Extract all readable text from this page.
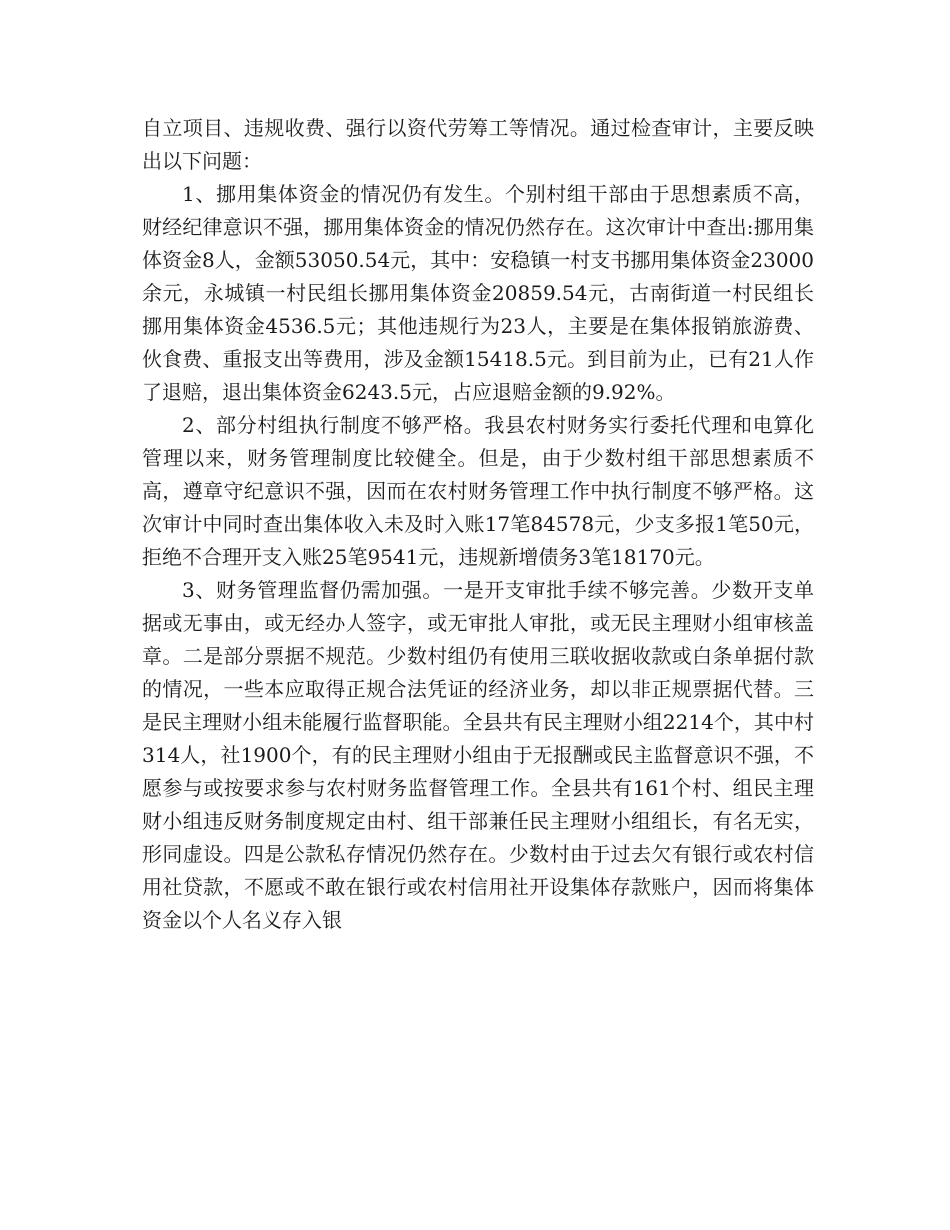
自立项目、违规收费、强行以资代劳筹工等情况。通过检查审计，主要反映出以下问题：

1、挪用集体资金的情况仍有发生。个别村组干部由于思想素质不高，财经纪律意识不强，挪用集体资金的情况仍然存在。这次审计中查出:挪用集体资金8人，金额53050.54元，其中：安稳镇一村支书挪用集体资金23000余元，永城镇一村民组长挪用集体资金20859.54元，古南街道一村民组长挪用集体资金4536.5元；其他违规行为23人，主要是在集体报销旅游费、伙食费、重报支出等费用，涉及金额15418.5元。到目前为止，已有21人作了退赔，退出集体资金6243.5元，占应退赔金额的9.92%。

2、部分村组执行制度不够严格。我县农村财务实行委托代理和电算化管理以来，财务管理制度比较健全。但是，由于少数村组干部思想素质不高，遵章守纪意识不强，因而在农村财务管理工作中执行制度不够严格。这次审计中同时查出集体收入未及时入账17笔84578元，少支多报1笔50元，拒绝不合理开支入账25笔9541元，违规新增债务3笔18170元。

3、财务管理监督仍需加强。一是开支审批手续不够完善。少数开支单据或无事由，或无经办人签字，或无审批人审批，或无民主理财小组审核盖章。二是部分票据不规范。少数村组仍有使用三联收据收款或白条单据付款的情况，一些本应取得正规合法凭证的经济业务，却以非正规票据代替。三是民主理财小组未能履行监督职能。全县共有民主理财小组2214个，其中村314人，社1900个，有的民主理财小组由于无报酬或民主监督意识不强，不愿参与或按要求参与农村财务监督管理工作。全县共有161个村、组民主理财小组违反财务制度规定由村、组干部兼任民主理财小组组长，有名无实，形同虚设。四是公款私存情况仍然存在。少数村由于过去欠有银行或农村信用社贷款，不愿或不敢在银行或农村信用社开设集体存款账户，因而将集体资金以个人名义存入银
